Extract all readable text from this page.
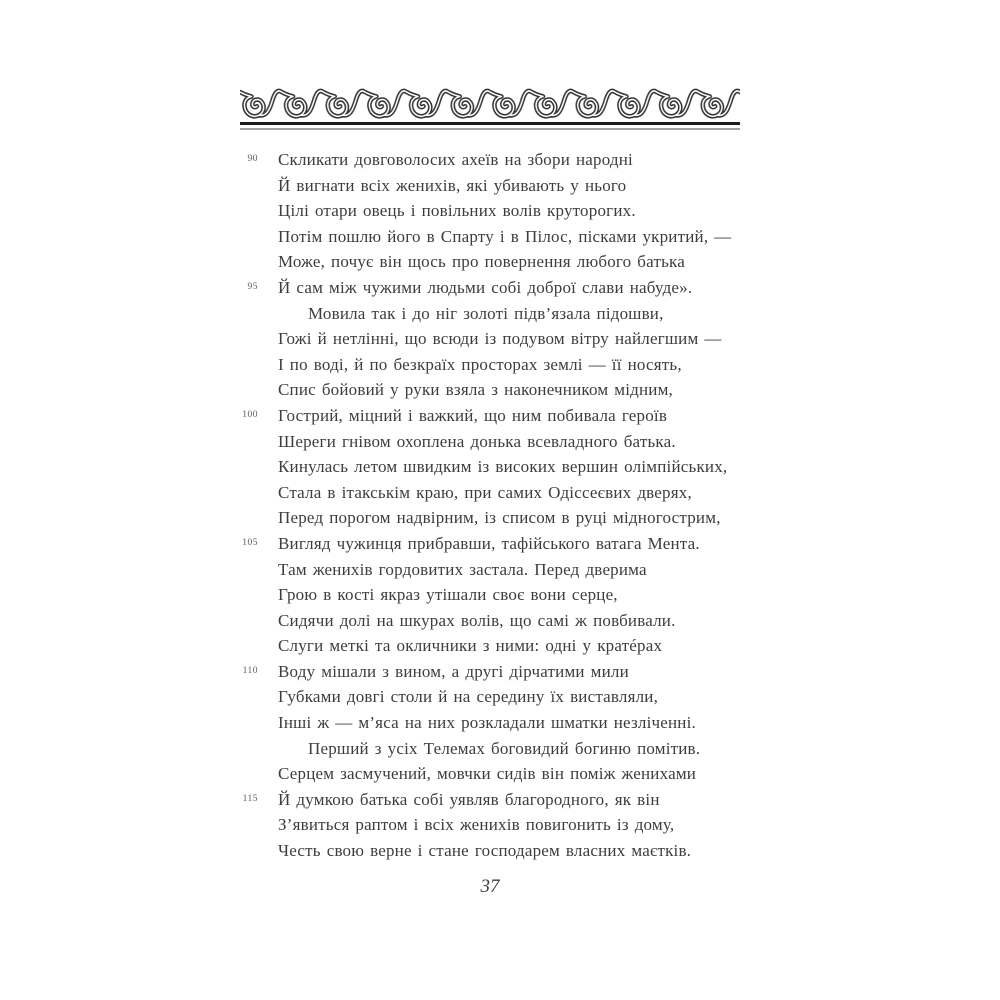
90 Скликати довговолосих ахеїв на збори народні
Й вигнати всіх женихів, які убивають у нього
Цілі отари овець і повільних волів круторогих.
Потім пошлю його в Спарту і в Пілос, пісками укритий, —
Може, почує він щось про повернення любого батька
95 Й сам між чужими людьми собі доброї слави набуде».
Мовила так і до ніг золоті підв’язала підошви,
Гожі й нетлінні, що всюди із подувом вітру найлегшим —
І по воді, й по безкраїх просторах землі — її носять,
Спис бойовий у руки взяла з наконечником мідним,
100 Гострий, міцний і важкий, що ним побивала героїв
Шереги гнівом охоплена донька всевладного батька.
Кинулась летом швидким із високих вершин олімпійських,
Стала в ітакськім краю, при самих Одіссеєвих дверях,
Перед порогом надвірним, із списом в руці мідногострим,
105 Вигляд чужинця прибравши, тафійського ватага Мента.
Там женихів гордовитих застала. Перед дверима
Грою в кості якраз утішали своє вони серце,
Сидячи долі на шкурах волів, що самі ж повбивали.
Слуги меткі та окличники з ними: одні у кратéрах
110 Воду мішали з вином, а другі дірчатими мили
Губками довгі столи й на середину їх виставляли,
Інші ж — м’яса на них розкладали шматки незліченні.
Перший з усіх Телемах боговидий богиню помітив.
Серцем засмучений, мовчки сидів він поміж женихами
115 Й думкою батька собі уявляв благородного, як він
З’явиться раптом і всіх женихів повигонить із дому,
Честь свою верне і стане господарем власних маєтків.
37
